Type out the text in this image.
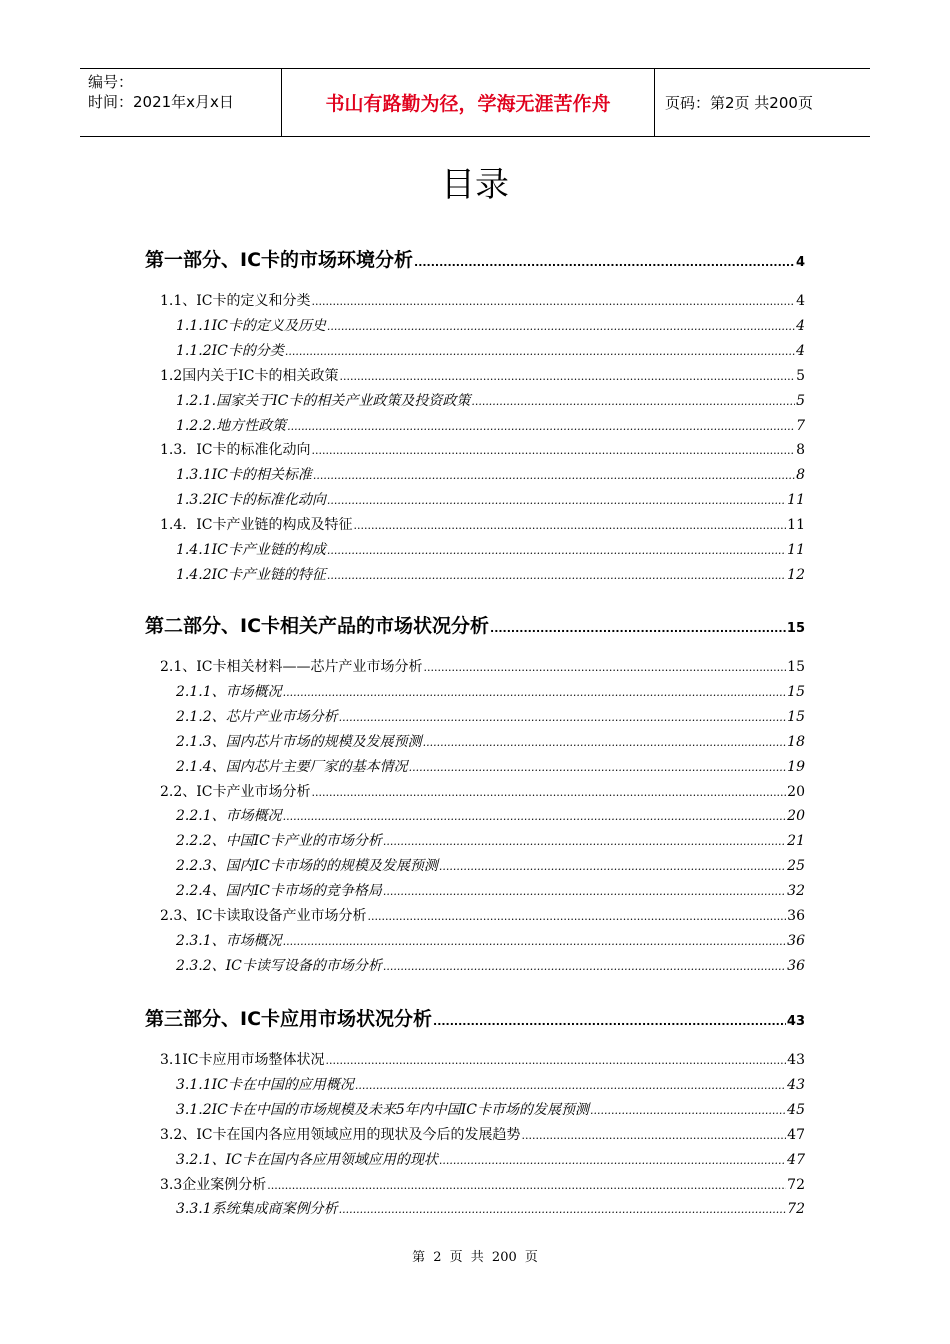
编号：
时间：2021年x月x日	书山有路勤为径，学海无涯苦作舟	页码：第2页 共200页
目录
第一部分、IC卡的市场环境分析 .....	4
1.1、IC卡的定义和分类 .....	4
1.1.1IC卡的定义及历史 .....	4
1.1.2IC卡的分类 .....	4
1.2国内关于IC卡的相关政策 .....	5
1.2.1.国家关于IC卡的相关产业政策及投资政策 .....	5
1.2.2.地方性政策 .....	7
1.3．IC卡的标准化动向 .....	8
1.3.1IC卡的相关标准 .....	8
1.3.2IC卡的标准化动向 .....	11
1.4．IC卡产业链的构成及特征 .....	11
1.4.1IC卡产业链的构成 .....	11
1.4.2IC卡产业链的特征 .....	12
第二部分、IC卡相关产品的市场状况分析 .....	15
2.1、IC卡相关材料——芯片产业市场分析 .....	15
2.1.1、市场概况 .....	15
2.1.2、芯片产业市场分析 .....	15
2.1.3、国内芯片市场的规模及发展预测 .....	18
2.1.4、国内芯片主要厂家的基本情况 .....	19
2.2、IC卡产业市场分析 .....	20
2.2.1、市场概况 .....	20
2.2.2、中国IC卡产业的市场分析 .....	21
2.2.3、国内IC卡市场的的规模及发展预测 .....	25
2.2.4、国内IC卡市场的竞争格局 .....	32
2.3、IC卡读取设备产业市场分析 .....	36
2.3.1、市场概况 .....	36
2.3.2、IC卡读写设备的市场分析 .....	36
第三部分、IC卡应用市场状况分析 .....	43
3.1IC卡应用市场整体状况 .....	43
3.1.1IC卡在中国的应用概况 .....	43
3.1.2IC卡在中国的市场规模及未来5年内中国IC卡市场的发展预测 .....	45
3.2、IC卡在国内各应用领域应用的现状及今后的发展趋势 .....	47
3.2.1、IC卡在国内各应用领域应用的现状 .....	47
3.3企业案例分析 .....	72
3.3.1系统集成商案例分析 .....	72
第 2 页 共 200 页
